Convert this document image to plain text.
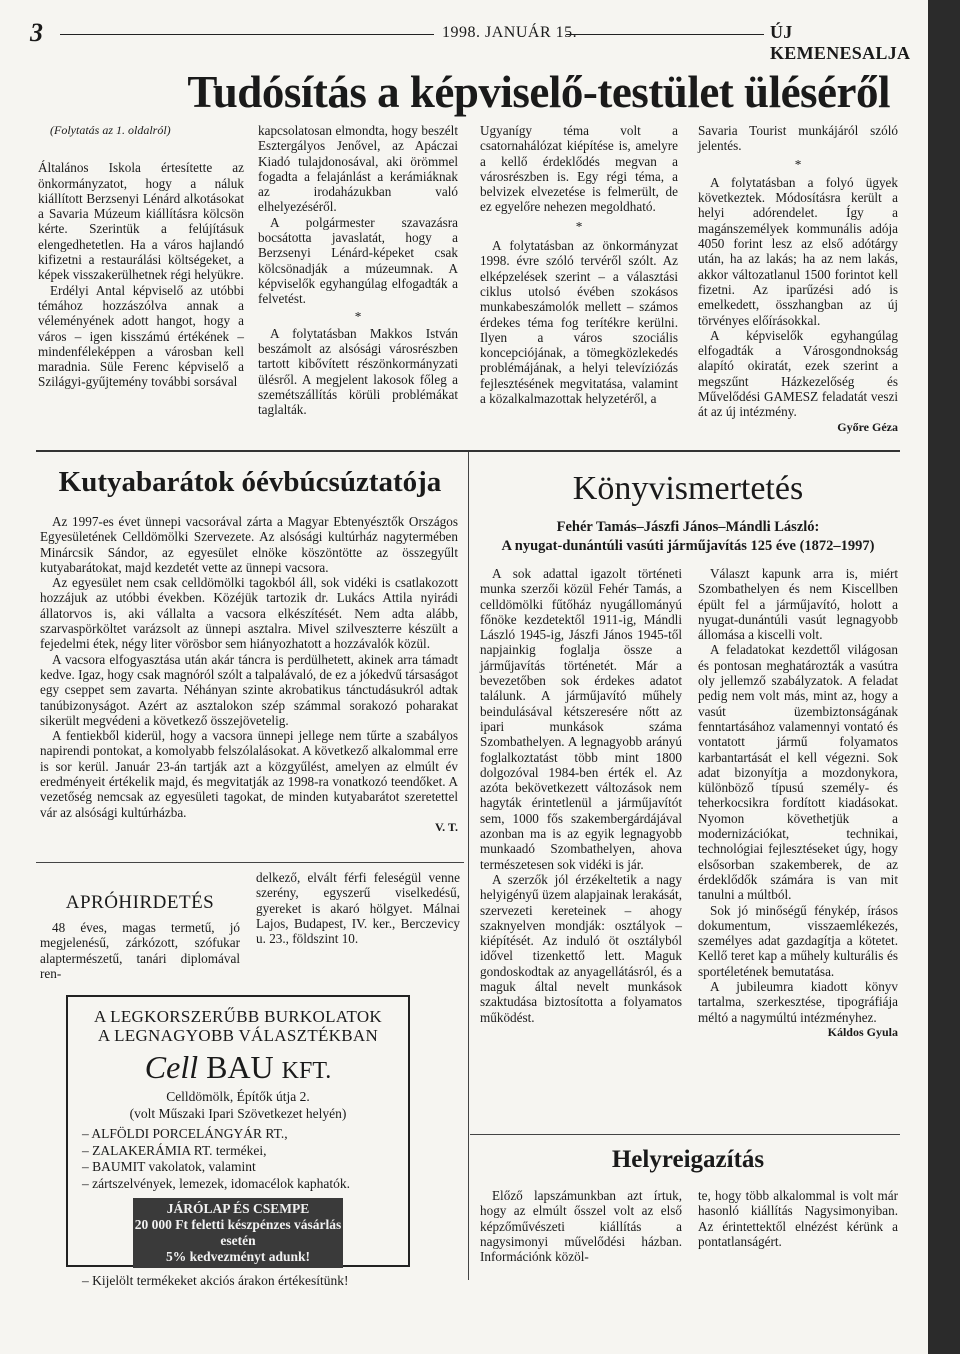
3	1998. JANUÁR 15.	ÚJ KEMENESALJA
Tudósítás a képviselő-testület üléséről

(Folytatás az 1. oldalról)

Általános Iskola értesítette az önkormányzatot, hogy a náluk kiállított Berzsenyi Lénárd alkotásokat a Savaria Múzeum kiállításra kölcsön kérte. Szerintük a felújításuk elengedhetetlen. Ha a város hajlandó kifizetni a restaurálási költségeket, a képek visszakerülhetnek régi helyükre.

Erdélyi Antal képviselő az utóbbi témához hozzászólva annak a véleményének adott hangot, hogy a város – igen kisszámú értékének – mindenféleképpen a városban kell maradnia. Süle Ferenc képviselő a Szilágyi-gyűjtemény további sorsával

kapcsolatosan elmondta, hogy beszélt Esztergályos Jenővel, az Apáczai Kiadó tulajdonosával, aki örömmel fogadta a felajánlást a kerámiáknak az irodaházukban való elhelyezéséről.

A polgármester szavazásra bocsátotta javaslatát, hogy a Berzsenyi Lénárd-képeket csak kölcsönadják a múzeumnak. A képviselők egyhangúlag elfogadták a felvetést.

*

A folytatásban Makkos István beszámolt az alsósági városrészben tartott kibővített részönkormányzati ülésről. A megjelent lakosok főleg a szemétszállítás körüli problémákat taglalták.

Ugyanígy téma volt a csatornahálózat kiépítése is, amelyre a kellő érdeklődés megvan a városrészben is. Egy régi téma, a belvizek elvezetése is felmerült, de ez egyelőre nehezen megoldható.

*

A folytatásban az önkormányzat 1998. évre szóló tervéről szólt. Az elképzelések szerint – a választási ciklus utolsó évében szokásos munkabeszámolók mellett – számos érdekes téma fog terítékre kerülni. Ilyen a város szociális koncepciójának, a tömegközlekedés problémájának, a helyi televíziózás fejlesztésének megvitatása, valamint a közalkalmazottak helyzetéről, a

Savaria Tourist munkájáról szóló jelentés.

*

A folytatásban a folyó ügyek következtek. Módosításra került a helyi adórendelet. Így a magánszemélyek kommunális adója 4050 forint lesz az első adótárgy után, ha az lakás; ha az nem lakás, akkor változatlanul 1500 forintot kell fizetni. Az iparűzési adó is emelkedett, összhangban az új törvényes előírásokkal.

A képviselők egyhangúlag elfogadták a Városgondnokság alapító okiratát, ezek szerint a megszűnt Házkezelőség és Művelődési GAMESZ feladatát veszi át az új intézmény.

Győre Géza

Kutyabarátok óévbúcsúztatója

Az 1997-es évet ünnepi vacsorával zárta a Magyar Ebtenyésztők Országos Egyesületének Celldömölki Szervezete. Az alsósági kultúrház nagytermében Minárcsik Sándor, az egyesület elnöke köszöntötte az összegyűlt kutyabarátokat, majd kezdetét vette az ünnepi vacsora.

Az egyesület nem csak celldömölki tagokból áll, sok vidéki is csatlakozott hozzájuk az utóbbi években. Közéjük tartozik dr. Lukács Attila nyirádi állatorvos is, aki vállalta a vacsora elkészítését. Nem adta alább, szarvaspörköltet varázsolt az ünnepi asztalra. Mivel szilveszterre készült a fejedelmi étek, négy liter vörösbor sem hiányozhatott a hozzávalók közül.

A vacsora elfogyasztása után akár táncra is perdülhetett, akinek arra támadt kedve. Igaz, hogy csak magnóról szólt a talpalávaló, de ez a jókedvű társaságot egy cseppet sem zavarta. Néhányan szinte akrobatikus tánctudásukról adtak tanúbizonyságot. Azért az asztalokon szép számmal sorakozó poharakat sikerült megvédeni a következő összejövetelig.

A fentiekből kiderül, hogy a vacsora ünnepi jellege nem tűrte a szabályos napirendi pontokat, a komolyabb felszólalásokat. A következő alkalommal erre is sor kerül. Január 23-án tartják azt a közgyűlést, amelyen az elmúlt év eredményeit értékelik majd, és megvitatják az 1998-ra vonatkozó teendőket. A vezetőség nemcsak az egyesületi tagokat, de minden kutyabarátot szeretettel vár az alsósági kultúrházba.

V. T.

APRÓHIRDETÉS

48 éves, magas termetű, jó megjelenésű, zárkózott, szófukar alaptermészetű, tanári diplomával ren-

delkező, elvált férfi feleségül venne szerény, egyszerű viselkedésű, gyereket is akaró hölgyet. Málnai Lajos, Budapest, IV. ker., Berczevicy u. 23., földszint 10.

A LEGKORSZERŰBB BURKOLATOK
A LEGNAGYOBB VÁLASZTÉKBAN
Cell BAU KFT.
Celldömölk, Építők útja 2.
(volt Műszaki Ipari Szövetkezet helyén)
– ALFÖLDI PORCELÁNGYÁR RT.,
– ZALAKERÁMIA RT. termékei,
– BAUMIT vakolatok, valamint
– zártszelvények, lemezek, idomacélok kaphatók.
JÁRÓLAP ÉS CSEMPE
20 000 Ft feletti készpénzes vásárlás esetén
5% kedvezményt adunk!
– Kijelölt termékeket akciós árakon értékesítünk!
Könyvismertetés
Fehér Tamás–Jászfi János–Mándli László:
A nyugat-dunántúli vasúti járműjavítás 125 éve (1872–1997)

A sok adattal igazolt történeti munka szerzői közül Fehér Tamás, a celldömölki fűtőház nyugállományú főnöke kezdetektől 1911-ig, Mándli László 1945-ig, Jászfi János 1945-től napjainkig foglalja össze a járműjavítás történetét. Már a bevezetőben sok érdekes adatot találunk. A járműjavító műhely beindulásával kétszeresére nőtt az ipari munkások száma Szombathelyen. A legnagyobb arányú foglalkoztatást több mint 1800 dolgozóval 1984-ben érték el. Az azóta bekövetkezett változások nem hagyták érintetlenül a járműjavítót sem, 1000 fős szakembergárdájával azonban ma is az egyik legnagyobb munkaadó Szombathelyen, ahova természetesen sok vidéki is jár.

A szerzők jól érzékeltetik a nagy helyigényű üzem alapjainak lerakását, szervezeti kereteinek – ahogy szaknyelven mondják: osztályok – kiépítését. Az induló öt osztályból idővel tizenkettő lett. Maguk gondoskodtak az anyagellátásról, és a maguk által nevelt munkások szaktudása biztosította a folyamatos működést.

Választ kapunk arra is, miért Szombathelyen és nem Kiscellben épült fel a járműjavító, holott a nyugat-dunántúli vasút legnagyobb állomása a kiscelli volt.

A feladatokat kezdettől világosan és pontosan meghatározták a vasútra oly jellemző szabályzatok. A feladat pedig nem volt más, mint az, hogy a vasút üzembiztonságának fenntartásához valamennyi vontató és vontatott jármű folyamatos karbantartását el kell végezni. Sok adat bizonyítja a mozdonykora, különböző típusú személy- és teherkocsikra fordított kiadásokat. Nyomon követhetjük a modernizációkat, technikai, technológiai fejlesztéseket úgy, hogy elsősorban szakemberek, de az érdeklődők számára is van mit tanulni a múltból.

Sok jó minőségű fénykép, írásos dokumentum, visszaemlékezés, személyes adat gazdagítja a kötetet. Kellő teret kap a műhely kulturális és sportéletének bemutatása.

A jubileumra kiadott könyv tartalma, szerkesztése, tipográfiája méltó a nagymúltú intézményhez.

Káldos Gyula

Helyreigazítás

Előző lapszámunkban azt írtuk, hogy az elmúlt ősszel volt az első képzőművészeti kiállítás a nagysimonyi művelődési házban. Információnk közöl-

te, hogy több alkalommal is volt már hasonló kiállítás Nagysimonyiban. Az érintettektől elnézést kérünk a pontatlanságért.
